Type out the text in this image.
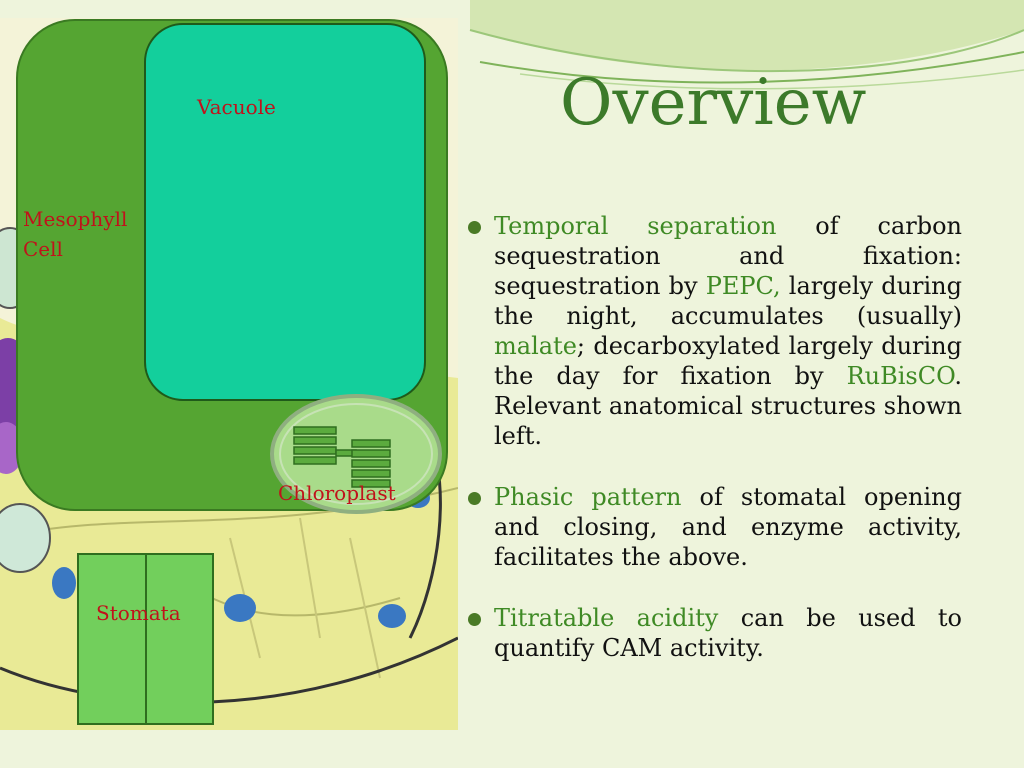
Vacuole
Mesophyll
Cell
Chloroplast
Stomata
Overview
Temporal separation of carbon sequestration and fixation: sequestration by PEPC, largely during the night, accumulates (usually) malate; decarboxylated largely during the day for fixation by RuBisCO. Relevant anatomical structures shown left.
Phasic pattern of stomatal opening and closing, and enzyme activity, facilitates the above.
Titratable acidity can be used to quantify CAM activity.
